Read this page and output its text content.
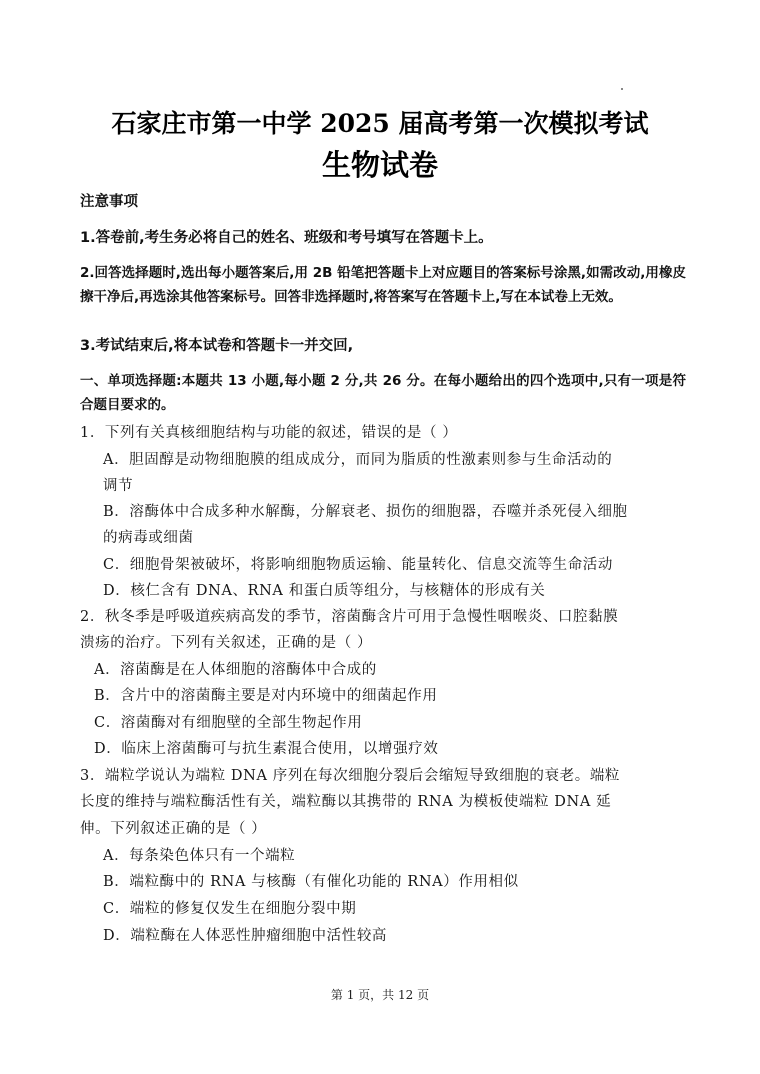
石家庄市第一中学 2025 届高考第一次模拟考试
生物试卷
注意事项
1.答卷前,考生务必将自己的姓名、班级和考号填写在答题卡上。
2.回答选择题时,选出每小题答案后,用 2B 铅笔把答题卡上对应题目的答案标号涂黑,如需改动,用橡皮擦干净后,再选涂其他答案标号。回答非选择题时,将答案写在答题卡上,写在本试卷上无效。
3.考试结束后,将本试卷和答题卡一并交回,
一、单项选择题:本题共 13 小题,每小题 2 分,共 26 分。在每小题给出的四个选项中,只有一项是符合题目要求的。
1．下列有关真核细胞结构与功能的叙述，错误的是（ ）
A．胆固醇是动物细胞膜的组成成分，而同为脂质的性激素则参与生命活动的
调节
B．溶酶体中合成多种水解酶，分解衰老、损伤的细胞器，吞噬并杀死侵入细胞
的病毒或细菌
C．细胞骨架被破坏，将影响细胞物质运输、能量转化、信息交流等生命活动
D．核仁含有 DNA、RNA 和蛋白质等组分，与核糖体的形成有关
2．秋冬季是呼吸道疾病高发的季节，溶菌酶含片可用于急慢性咽喉炎、口腔黏膜
溃疡的治疗。下列有关叙述，正确的是（ ）
A．溶菌酶是在人体细胞的溶酶体中合成的
B．含片中的溶菌酶主要是对内环境中的细菌起作用
C．溶菌酶对有细胞壁的全部生物起作用
D．临床上溶菌酶可与抗生素混合使用，以增强疗效
3．端粒学说认为端粒 DNA 序列在每次细胞分裂后会缩短导致细胞的衰老。端粒
长度的维持与端粒酶活性有关，端粒酶以其携带的 RNA 为模板使端粒 DNA 延
伸。下列叙述正确的是（ ）
A．每条染色体只有一个端粒
B．端粒酶中的 RNA 与核酶（有催化功能的 RNA）作用相似
C．端粒的修复仅发生在细胞分裂中期
D．端粒酶在人体恶性肿瘤细胞中活性较高
第 1 页，共 12 页
